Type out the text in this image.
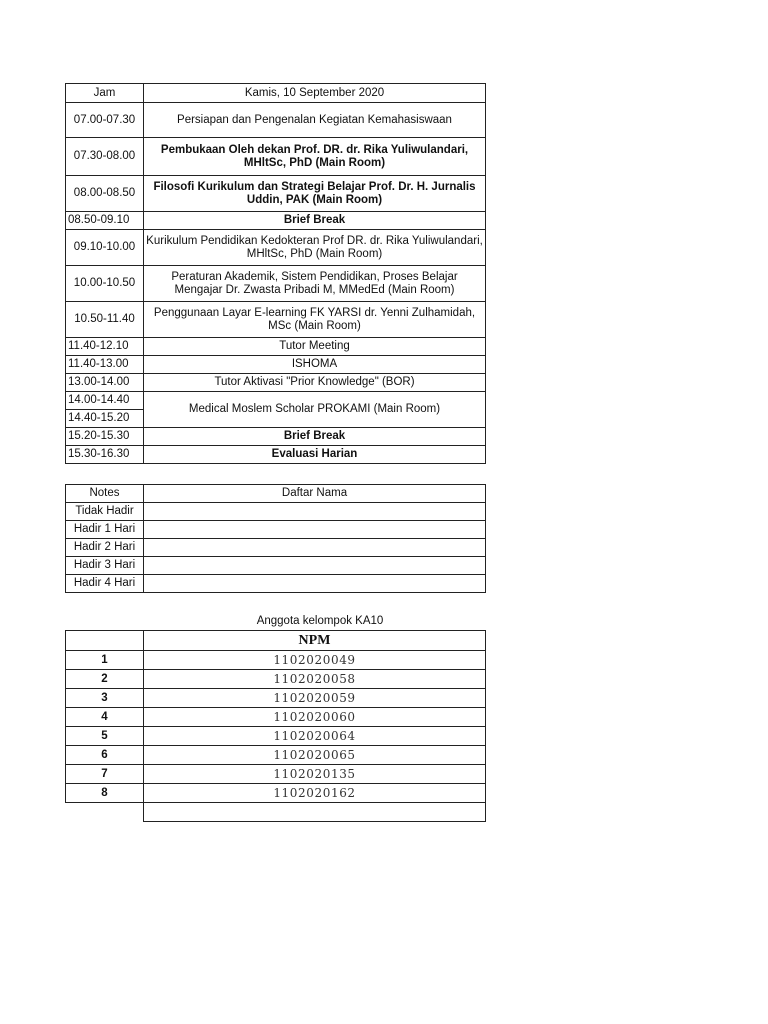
Jam	Kamis, 10 September 2020
07.00-07.30	Persiapan dan Pengenalan Kegiatan Kemahasiswaan
07.30-08.00	Pembukaan Oleh dekan Prof. DR. dr. Rika Yuliwulandari, MHltSc, PhD (Main Room)
08.00-08.50	Filosofi Kurikulum dan Strategi Belajar Prof. Dr. H. Jurnalis Uddin, PAK (Main Room)
08.50-09.10	Brief Break
09.10-10.00	Kurikulum Pendidikan Kedokteran Prof DR. dr. Rika Yuliwulandari, MHltSc, PhD (Main Room)
10.00-10.50	Peraturan Akademik, Sistem Pendidikan, Proses Belajar Mengajar Dr. Zwasta Pribadi M, MMedEd (Main Room)
10.50-11.40	Penggunaan Layar E-learning FK YARSI dr. Yenni Zulhamidah, MSc (Main Room)
11.40-12.10	Tutor Meeting
11.40-13.00	ISHOMA
13.00-14.00	Tutor Aktivasi "Prior Knowledge" (BOR)
14.00-14.40	Medical Moslem Scholar PROKAMI (Main Room)
14.40-15.20	
15.20-15.30	Brief Break
15.30-16.30	Evaluasi Harian
Notes	Daftar Nama
Tidak Hadir	
Hadir 1 Hari	
Hadir 2 Hari	
Hadir 3 Hari	
Hadir 4 Hari	
Anggota kelompok KA10
	NPM
1	1102020049
2	1102020058
3	1102020059
4	1102020060
5	1102020064
6	1102020065
7	1102020135
8	1102020162
